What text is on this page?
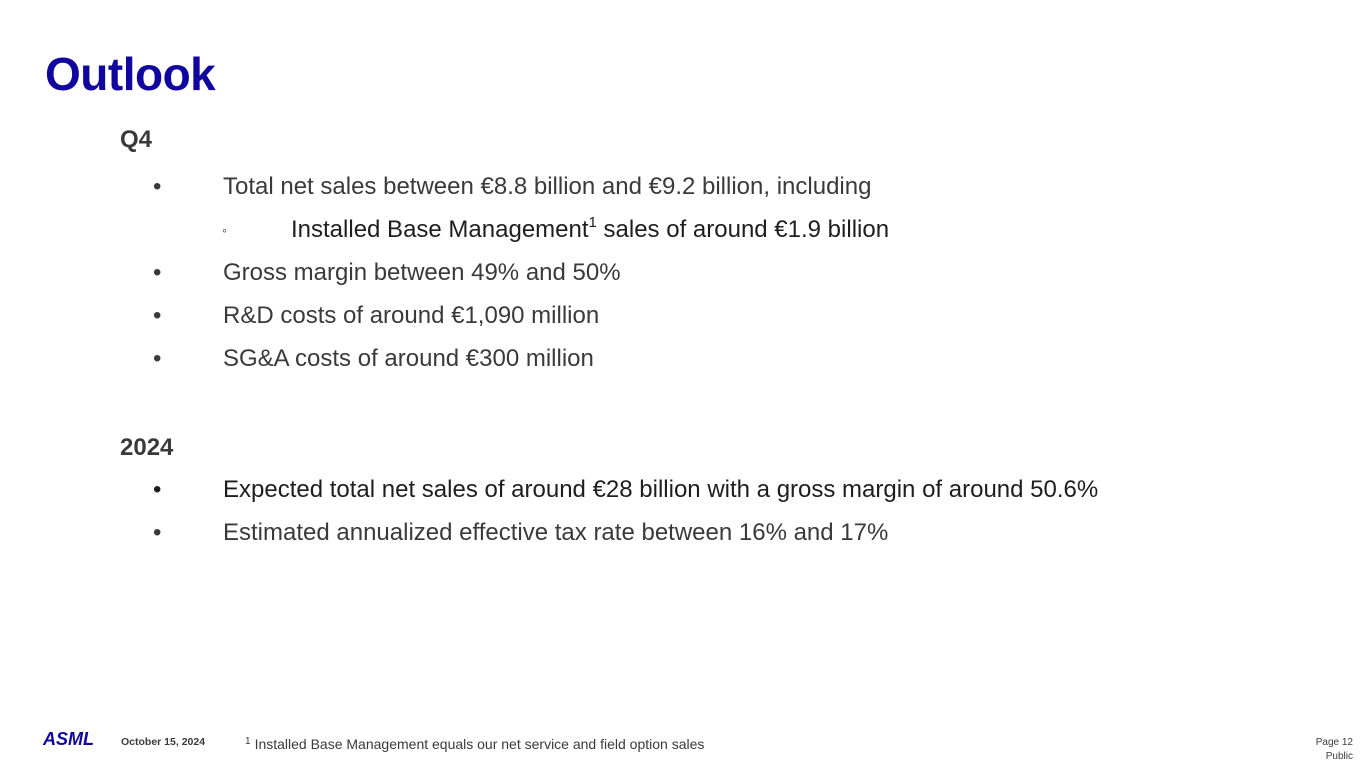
Outlook
Q4
•	Total net sales between €8.8 billion and €9.2 billion, including
◦	Installed Base Management$^1$ sales of around €1.9 billion
•	Gross margin between 49% and 50%
•	R&D costs of around €1,090 million
•	SG&A costs of around €300 million
2024
•	Expected total net sales of around €28 billion with a gross margin of around 50.6%
•	Estimated annualized effective tax rate between 16% and 17%
ASML	October 15, 2024	$^1$ Installed Base Management equals our net service and field option sales	Page 12
Public
